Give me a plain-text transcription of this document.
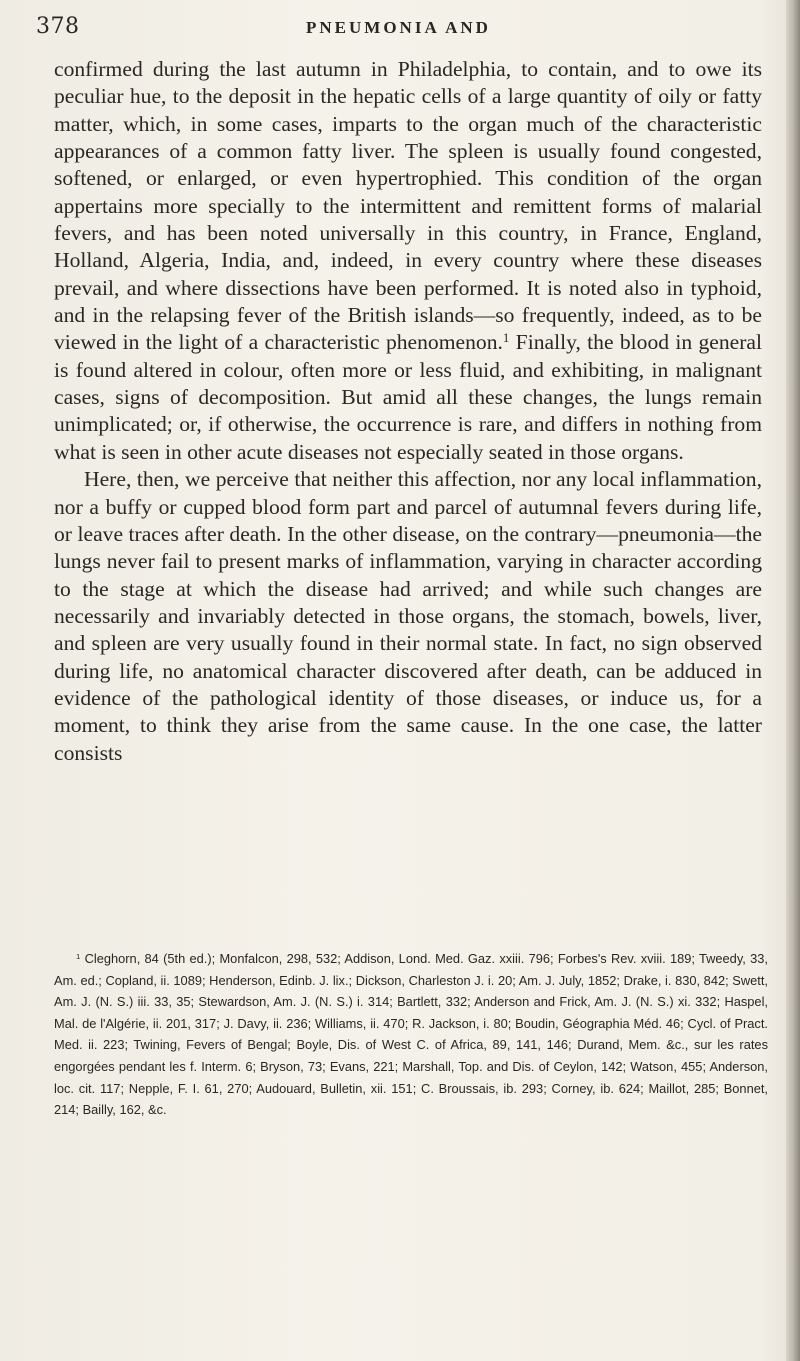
378	PNEUMONIA AND

confirmed during the last autumn in Philadelphia, to contain, and to owe its peculiar hue, to the deposit in the hepatic cells of a large quantity of oily or fatty matter, which, in some cases, imparts to the organ much of the characteristic appearances of a common fatty liver. The spleen is usually found congested, softened, or enlarged, or even hypertrophied. This condition of the organ appertains more specially to the intermittent and remittent forms of malarial fevers, and has been noted universally in this country, in France, England, Holland, Algeria, India, and, indeed, in every country where these diseases prevail, and where dissections have been performed. It is noted also in typhoid, and in the relapsing fever of the British islands—so frequently, indeed, as to be viewed in the light of a characteristic phenomenon.$^1$ Finally, the blood in general is found altered in colour, often more or less fluid, and exhibiting, in malignant cases, signs of decomposition. But amid all these changes, the lungs remain unimplicated; or, if otherwise, the occurrence is rare, and differs in nothing from what is seen in other acute diseases not especially seated in those organs.

Here, then, we perceive that neither this affection, nor any local inflammation, nor a buffy or cupped blood form part and parcel of autumnal fevers during life, or leave traces after death. In the other disease, on the contrary—pneumonia—the lungs never fail to present marks of inflammation, varying in character according to the stage at which the disease had arrived; and while such changes are necessarily and invariably detected in those organs, the stomach, bowels, liver, and spleen are very usually found in their normal state. In fact, no sign observed during life, no anatomical character discovered after death, can be adduced in evidence of the pathological identity of those diseases, or induce us, for a moment, to think they arise from the same cause. In the one case, the latter consists

$^1$ Cleghorn, 84 (5th ed.); Monfalcon, 298, 532; Addison, Lond. Med. Gaz. xxiii. 796; Forbes's Rev. xviii. 189; Tweedy, 33, Am. ed.; Copland, ii. 1089; Henderson, Edinb. J. lix.; Dickson, Charleston J. i. 20; Am. J. July, 1852; Drake, i. 830, 842; Swett, Am. J. (N. S.) iii. 33, 35; Stewardson, Am. J. (N. S.) i. 314; Bartlett, 332; Anderson and Frick, Am. J. (N. S.) xi. 332; Haspel, Mal. de l'Algérie, ii. 201, 317; J. Davy, ii. 236; Williams, ii. 470; R. Jackson, i. 80; Boudin, Géographia Méd. 46; Cycl. of Pract. Med. ii. 223; Twining, Fevers of Bengal; Boyle, Dis. of West C. of Africa, 89, 141, 146; Durand, Mem. &c., sur les rates engorgées pendant les f. Interm. 6; Bryson, 73; Evans, 221; Marshall, Top. and Dis. of Ceylon, 142; Watson, 455; Anderson, loc. cit. 117; Nepple, F. I. 61, 270; Audouard, Bulletin, xii. 151; C. Broussais, ib. 293; Corney, ib. 624; Maillot, 285; Bonnet, 214; Bailly, 162, &c.
